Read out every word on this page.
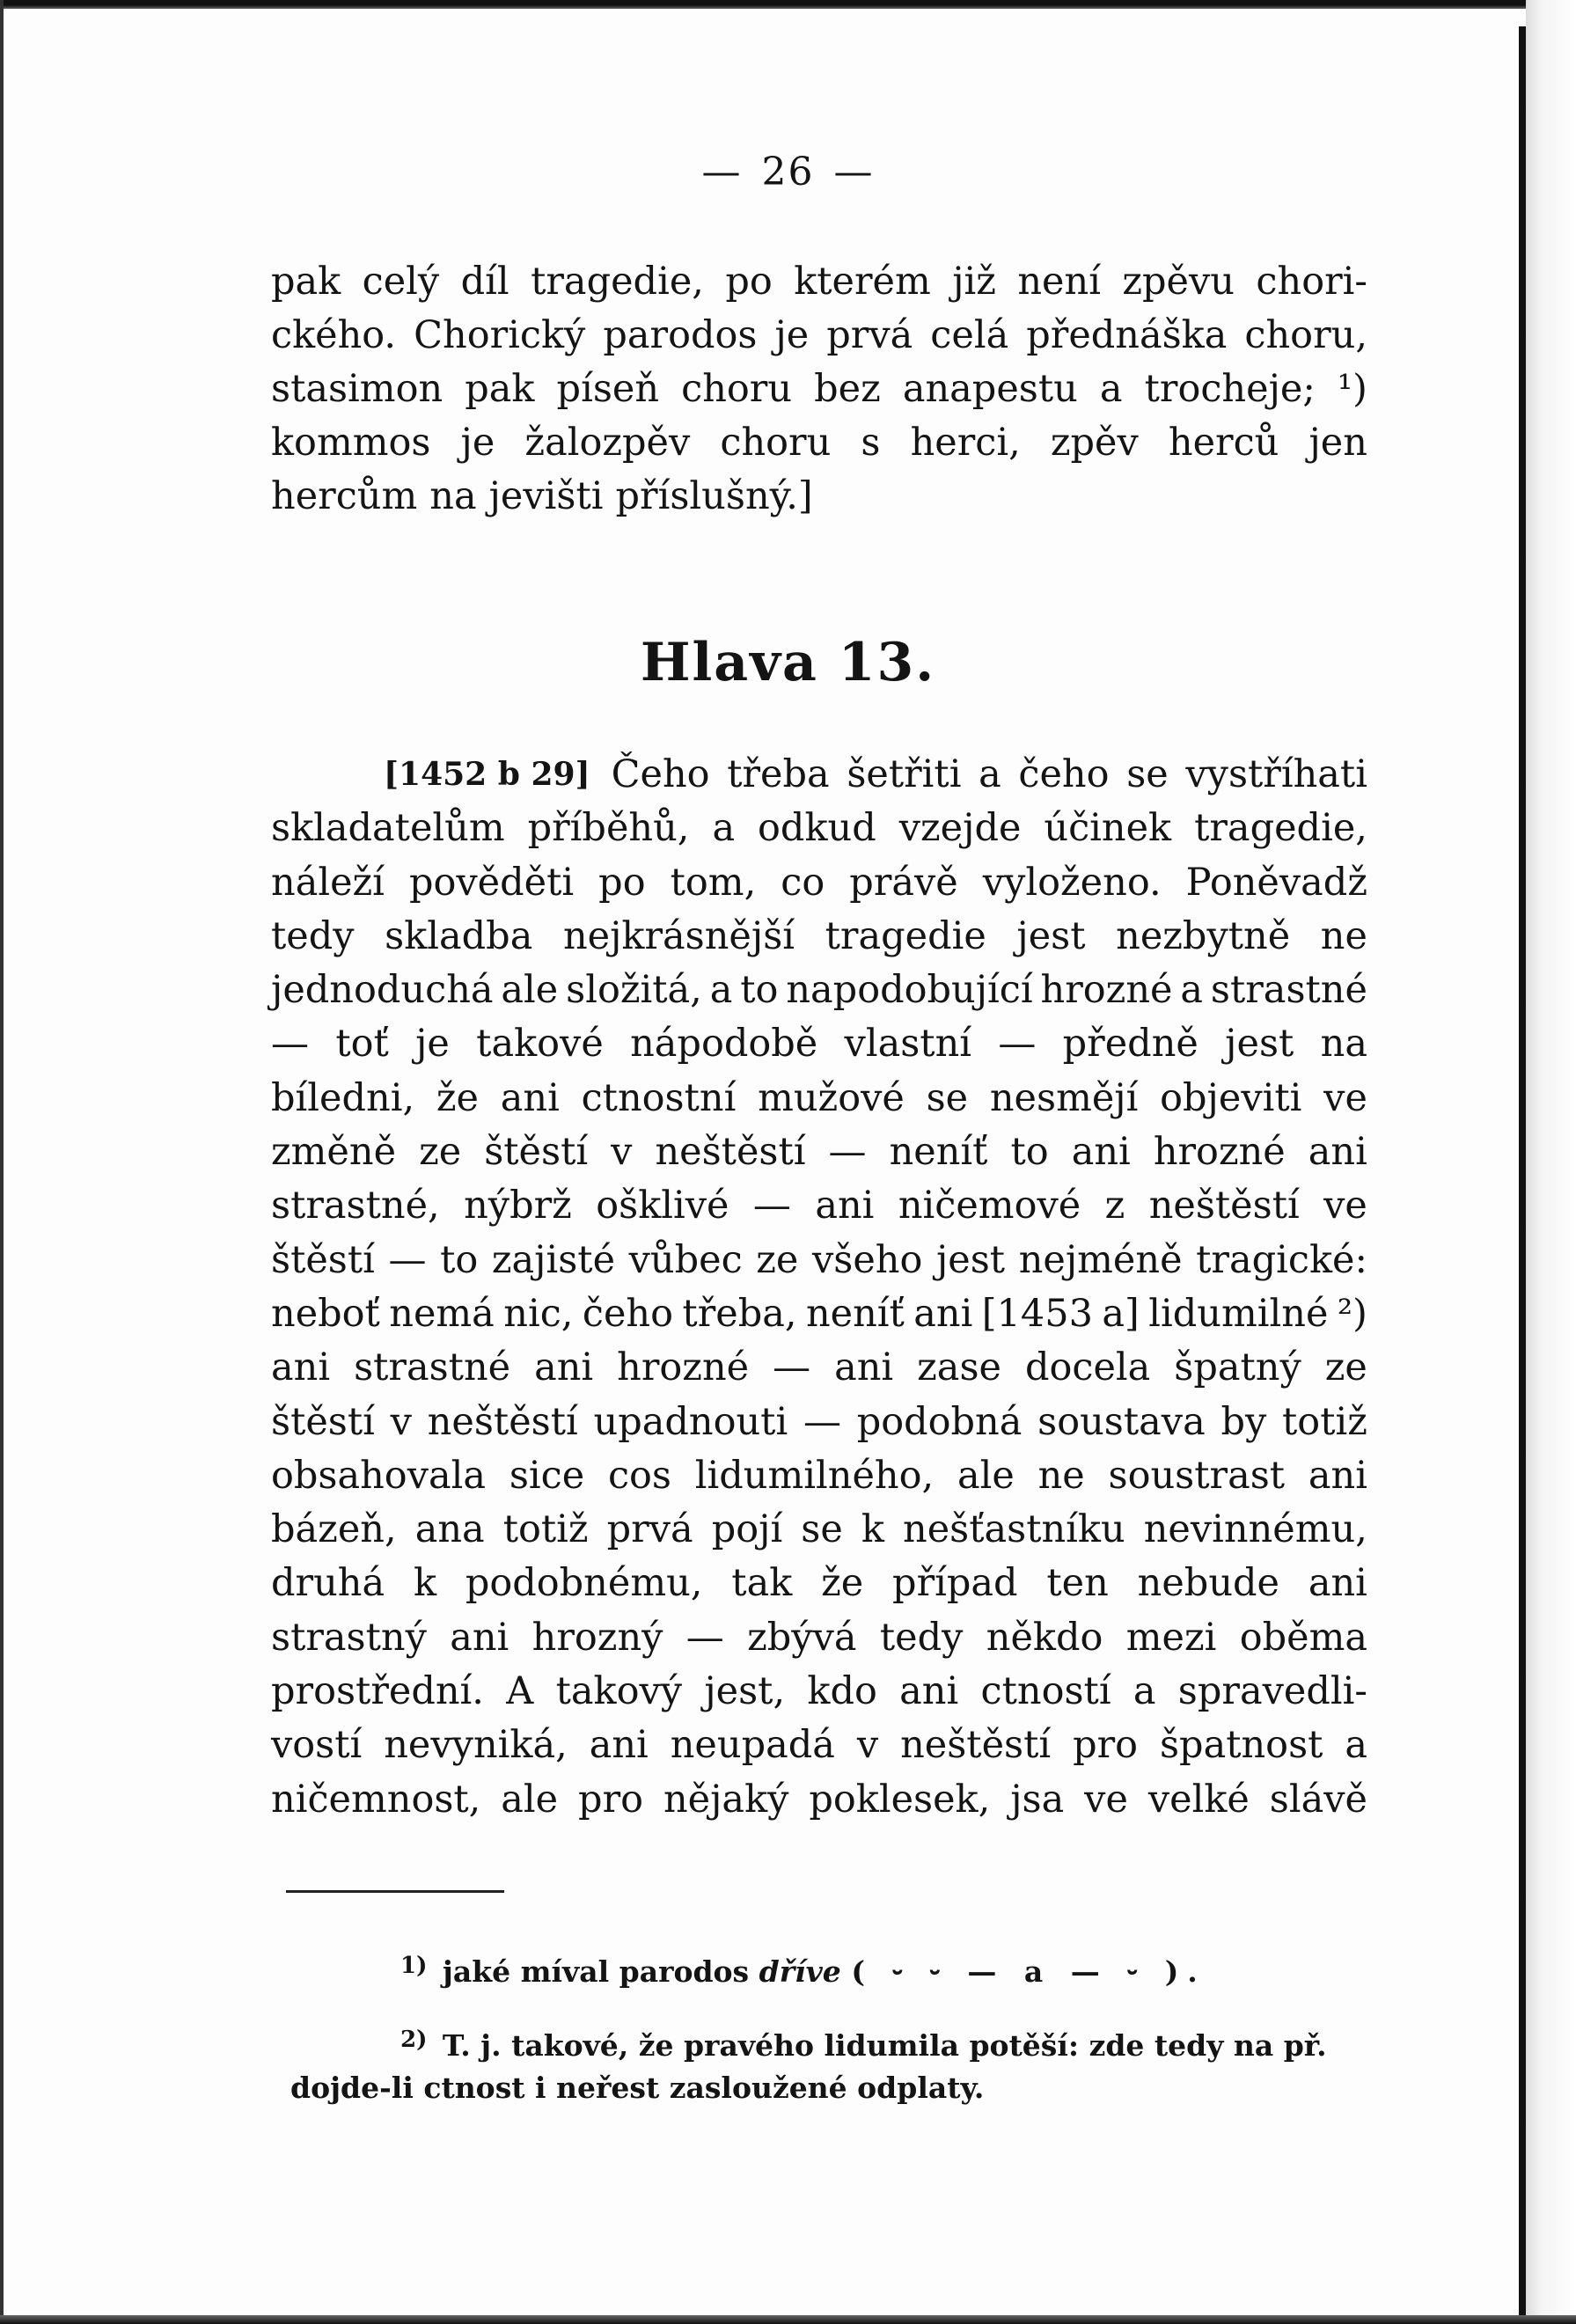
— 26 —
pak celý díl tragedie, po kterém již není zpěvu chori-
ckého. Chorický parodos je prvá celá přednáška choru,
stasimon pak píseň choru bez anapestu a trocheje; ¹)
kommos je žalozpěv choru s herci, zpěv herců jen
hercům na jevišti příslušný.]
Hlava 13.
[1452 b 29] Čeho třeba šetřiti a čeho se vystříhati
skladatelům příběhů, a odkud vzejde účinek tragedie,
náleží pověděti po tom, co právě vyloženo. Poněvadž
tedy skladba nejkrásnější tragedie jest nezbytně ne
jednoduchá ale složitá, a to napodobující hrozné a strastné
— toť je takové nápodobě vlastní — předně jest na
bíledni, že ani ctnostní mužové se nesmějí objeviti ve
změně ze štěstí v neštěstí — neníť to ani hrozné ani
strastné, nýbrž ošklivé — ani ničemové z neštěstí ve
štěstí — to zajisté vůbec ze všeho jest nejméně tragické:
neboť nemá nic, čeho třeba, neníť ani [1453 a] lidumilné ²)
ani strastné ani hrozné — ani zase docela špatný ze
štěstí v neštěstí upadnouti — podobná soustava by totiž
obsahovala sice cos lidumilného, ale ne soustrast ani
bázeň, ana totiž prvá pojí se k nešťastníku nevinnému,
druhá k podobnému, tak že případ ten nebude ani
strastný ani hrozný — zbývá tedy někdo mezi oběma
prostřední. A takový jest, kdo ani ctností a spravedli-
vostí nevyniká, ani neupadá v neštěstí pro špatnost a
ničemnost, ale pro nějaký poklesek, jsa ve velké slávě
$^{1)}$ jaké míval parodos dříve ( ⏑ ⏑ — a — ⏑ ).
$^{2)}$ T. j. takové, že pravého lidumila potěší: zde tedy na př.
dojde-li ctnost i neřest zasloužené odplaty.
